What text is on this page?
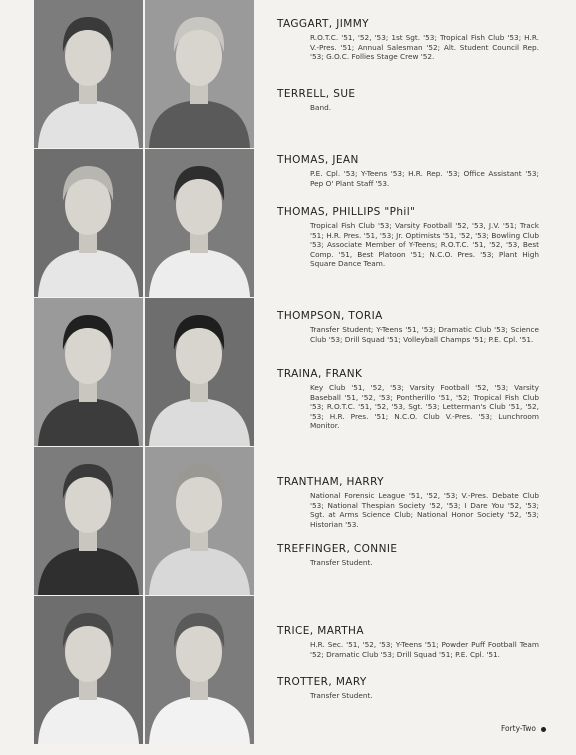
TAGGART, JIMMY
R.O.T.C. '51, '52, '53; 1st Sgt. '53; Tropical Fish Club '53; H.R. V.-Pres. '51; Annual Salesman '52; Alt. Student Council Rep. '53; G.O.C. Follies Stage Crew '52.
TERRELL, SUE
Band.
THOMAS, JEAN
P.E. Cpl. '53; Y-Teens '53; H.R. Rep. '53; Office Assistant '53; Pep O' Plant Staff '53.
THOMAS, PHILLIPS "Phil"
Tropical Fish Club '53; Varsity Football '52, '53, J.V. '51; Track '51; H.R. Pres. '51, '53; Jr. Optimists '51, '52, '53; Bowling Club '53; Associate Member of Y-Teens; R.O.T.C. '51, '52, '53, Best Comp. '51, Best Platoon '51; N.C.O. Pres. '53; Plant High Square Dance Team.
THOMPSON, TORIA
Transfer Student; Y-Teens '51, '53; Dramatic Club '53; Science Club '53; Drill Squad '51; Volleyball Champs '51; P.E. Cpl. '51.
TRAINA, FRANK
Key Club '51, '52, '53; Varsity Football '52, '53; Varsity Baseball '51, '52, '53; Pontherillo '51, '52; Tropical Fish Club '53; R.O.T.C. '51, '52, '53, Sgt. '53; Letterman's Club '51, '52, '53; H.R. Pres. '51; N.C.O. Club V.-Pres. '53; Lunchroom Monitor.
TRANTHAM, HARRY
National Forensic League '51, '52, '53; V.-Pres. Debate Club '53; National Thespian Society '52, '53; I Dare You '52, '53; Sgt. at Arms Science Club; National Honor Society '52, '53; Historian '53.
TREFFINGER, CONNIE
Transfer Student.
TRICE, MARTHA
H.R. Sec. '51, '52, '53; Y-Teens '51; Powder Puff Football Team '52; Dramatic Club '53; Drill Squad '51; P.E. Cpl. '51.
TROTTER, MARY
Transfer Student.
Forty-Two
